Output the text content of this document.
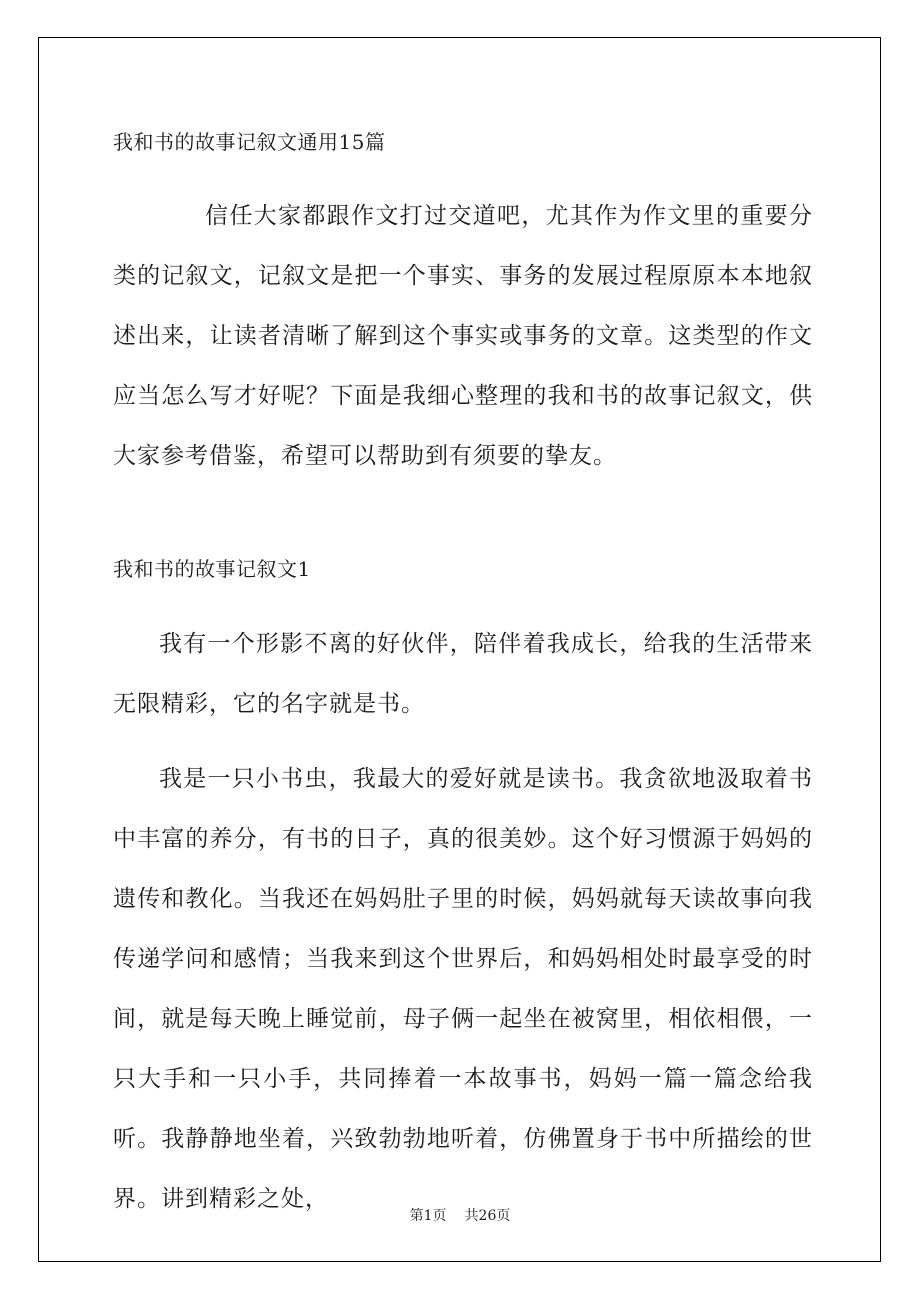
我和书的故事记叙文通用15篇

信任大家都跟作文打过交道吧，尤其作为作文里的重要分类的记叙文，记叙文是把一个事实、事务的发展过程原原本本地叙述出来，让读者清晰了解到这个事实或事务的文章。这类型的作文应当怎么写才好呢？下面是我细心整理的我和书的故事记叙文，供大家参考借鉴，希望可以帮助到有须要的挚友。

我和书的故事记叙文1

我有一个形影不离的好伙伴，陪伴着我成长，给我的生活带来无限精彩，它的名字就是书。

我是一只小书虫，我最大的爱好就是读书。我贪欲地汲取着书中丰富的养分，有书的日子，真的很美妙。这个好习惯源于妈妈的遗传和教化。当我还在妈妈肚子里的时候，妈妈就每天读故事向我传递学问和感情；当我来到这个世界后，和妈妈相处时最享受的时间，就是每天晚上睡觉前，母子俩一起坐在被窝里，相依相偎，一只大手和一只小手，共同捧着一本故事书，妈妈一篇一篇念给我听。我静静地坐着，兴致勃勃地听着，仿佛置身于书中所描绘的世界。讲到精彩之处，

第1页 共26页
